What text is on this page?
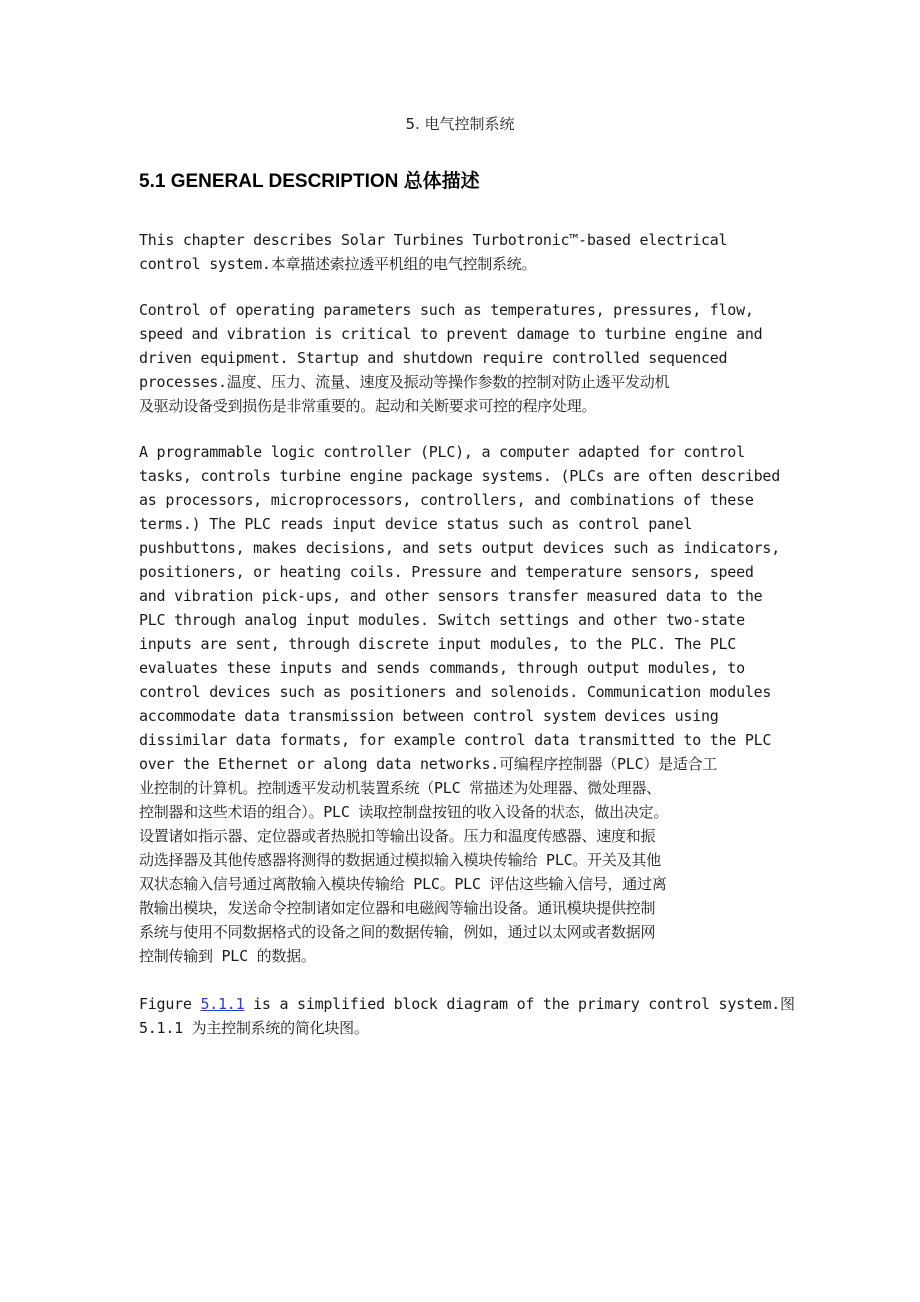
5. 电气控制系统
5.1 GENERAL DESCRIPTION 总体描述
This chapter describes Solar Turbines Turbotronic™-based electrical
control system.本章描述索拉透平机组的电气控制系统。
Control of operating parameters such as temperatures, pressures, flow,
speed and vibration is critical to prevent damage to turbine engine and
driven equipment. Startup and shutdown require controlled sequenced
processes.温度、压力、流量、速度及振动等操作参数的控制对防止透平发动机
及驱动设备受到损伤是非常重要的。起动和关断要求可控的程序处理。
A programmable logic controller (PLC), a computer adapted for control
tasks, controls turbine engine package systems. (PLCs are often described
as processors, microprocessors, controllers, and combinations of these
terms.) The PLC reads input device status such as control panel
pushbuttons, makes decisions, and sets output devices such as indicators,
positioners, or heating coils. Pressure and temperature sensors, speed
and vibration pick-ups, and other sensors transfer measured data to the
PLC through analog input modules. Switch settings and other two-state
inputs are sent, through discrete input modules, to the PLC. The PLC
evaluates these inputs and sends commands, through output modules, to
control devices such as positioners and solenoids. Communication modules
accommodate data transmission between control system devices using
dissimilar data formats, for example control data transmitted to the PLC
over the Ethernet or along data networks.可编程序控制器（PLC）是适合工
业控制的计算机。控制透平发动机装置系统（PLC 常描述为处理器、微处理器、
控制器和这些术语的组合）。PLC 读取控制盘按钮的收入设备的状态，做出决定。
设置诸如指示器、定位器或者热脱扣等输出设备。压力和温度传感器、速度和振
动选择器及其他传感器将测得的数据通过模拟输入模块传输给 PLC。开关及其他
双状态输入信号通过离散输入模块传输给 PLC。PLC 评估这些输入信号，通过离
散输出模块，发送命令控制诸如定位器和电磁阀等输出设备。通讯模块提供控制
系统与使用不同数据格式的设备之间的数据传输，例如，通过以太网或者数据网
控制传输到 PLC 的数据。
Figure 5.1.1 is a simplified block diagram of the primary control system.图
5.1.1 为主控制系统的简化块图。
